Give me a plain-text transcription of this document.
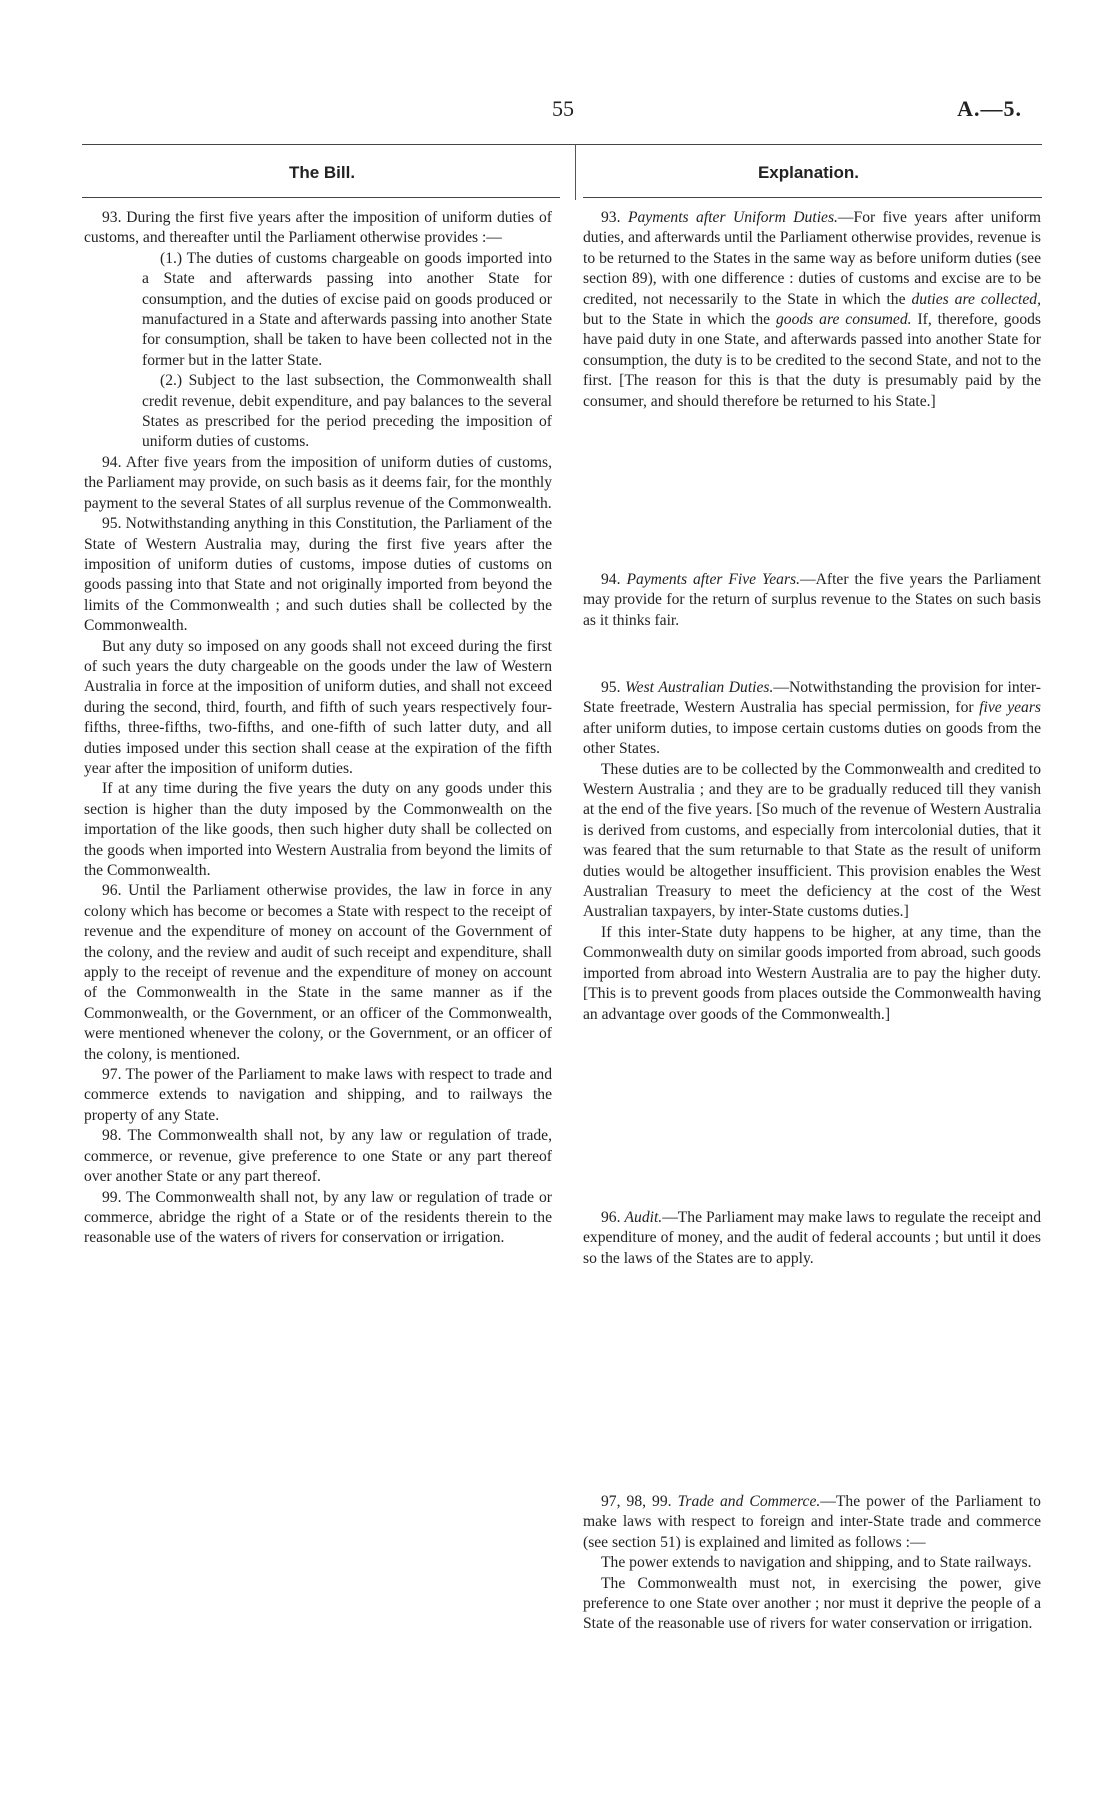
55	A.—5.
The Bill.	Explanation.

93. During the first five years after the imposition of uniform duties of customs, and thereafter until the Parliament otherwise provides :—

(1.) The duties of customs chargeable on goods imported into a State and afterwards passing into another State for consumption, and the duties of excise paid on goods produced or manufactured in a State and afterwards passing into another State for consumption, shall be taken to have been collected not in the former but in the latter State.

(2.) Subject to the last subsection, the Commonwealth shall credit revenue, debit expenditure, and pay balances to the several States as prescribed for the period preceding the imposition of uniform duties of customs.

94. After five years from the imposition of uniform duties of customs, the Parliament may provide, on such basis as it deems fair, for the monthly payment to the several States of all surplus revenue of the Commonwealth.

95. Notwithstanding anything in this Constitution, the Parliament of the State of Western Australia may, during the first five years after the imposition of uniform duties of customs, impose duties of customs on goods passing into that State and not originally imported from beyond the limits of the Commonwealth ; and such duties shall be collected by the Commonwealth.

But any duty so imposed on any goods shall not exceed during the first of such years the duty chargeable on the goods under the law of Western Australia in force at the imposition of uniform duties, and shall not exceed during the second, third, fourth, and fifth of such years respectively four-fifths, three-fifths, two-fifths, and one-fifth of such latter duty, and all duties imposed under this section shall cease at the expiration of the fifth year after the imposition of uniform duties.

If at any time during the five years the duty on any goods under this section is higher than the duty imposed by the Commonwealth on the importation of the like goods, then such higher duty shall be collected on the goods when imported into Western Australia from beyond the limits of the Commonwealth.

96. Until the Parliament otherwise provides, the law in force in any colony which has become or becomes a State with respect to the receipt of revenue and the expenditure of money on account of the Government of the colony, and the review and audit of such receipt and expenditure, shall apply to the receipt of revenue and the expenditure of money on account of the Commonwealth in the State in the same manner as if the Commonwealth, or the Government, or an officer of the Commonwealth, were mentioned whenever the colony, or the Government, or an officer of the colony, is mentioned.

97. The power of the Parliament to make laws with respect to trade and commerce extends to navigation and shipping, and to railways the property of any State.

98. The Commonwealth shall not, by any law or regulation of trade, commerce, or revenue, give preference to one State or any part thereof over another State or any part thereof.

99. The Commonwealth shall not, by any law or regulation of trade or commerce, abridge the right of a State or of the residents therein to the reasonable use of the waters of rivers for conservation or irrigation.

93. Payments after Uniform Duties.—For five years after uniform duties, and afterwards until the Parliament otherwise provides, revenue is to be returned to the States in the same way as before uniform duties (see section 89), with one difference : duties of customs and excise are to be credited, not necessarily to the State in which the duties are collected, but to the State in which the goods are consumed. If, therefore, goods have paid duty in one State, and afterwards passed into another State for consumption, the duty is to be credited to the second State, and not to the first. [The reason for this is that the duty is presumably paid by the consumer, and should therefore be returned to his State.]

94. Payments after Five Years.—After the five years the Parliament may provide for the return of surplus revenue to the States on such basis as it thinks fair.

95. West Australian Duties.—Notwithstanding the provision for inter-State freetrade, Western Australia has special permission, for five years after uniform duties, to impose certain customs duties on goods from the other States.

These duties are to be collected by the Commonwealth and credited to Western Australia ; and they are to be gradually reduced till they vanish at the end of the five years. [So much of the revenue of Western Australia is derived from customs, and especially from intercolonial duties, that it was feared that the sum returnable to that State as the result of uniform duties would be altogether insufficient. This provision enables the West Australian Treasury to meet the deficiency at the cost of the West Australian taxpayers, by inter-State customs duties.]

If this inter-State duty happens to be higher, at any time, than the Commonwealth duty on similar goods imported from abroad, such goods imported from abroad into Western Australia are to pay the higher duty. [This is to prevent goods from places outside the Commonwealth having an advantage over goods of the Commonwealth.]

96. Audit.—The Parliament may make laws to regulate the receipt and expenditure of money, and the audit of federal accounts ; but until it does so the laws of the States are to apply.

97, 98, 99. Trade and Commerce.—The power of the Parliament to make laws with respect to foreign and inter-State trade and commerce (see section 51) is explained and limited as follows :—

The power extends to navigation and shipping, and to State railways.

The Commonwealth must not, in exercising the power, give preference to one State over another ; nor must it deprive the people of a State of the reasonable use of rivers for water conservation or irrigation.
